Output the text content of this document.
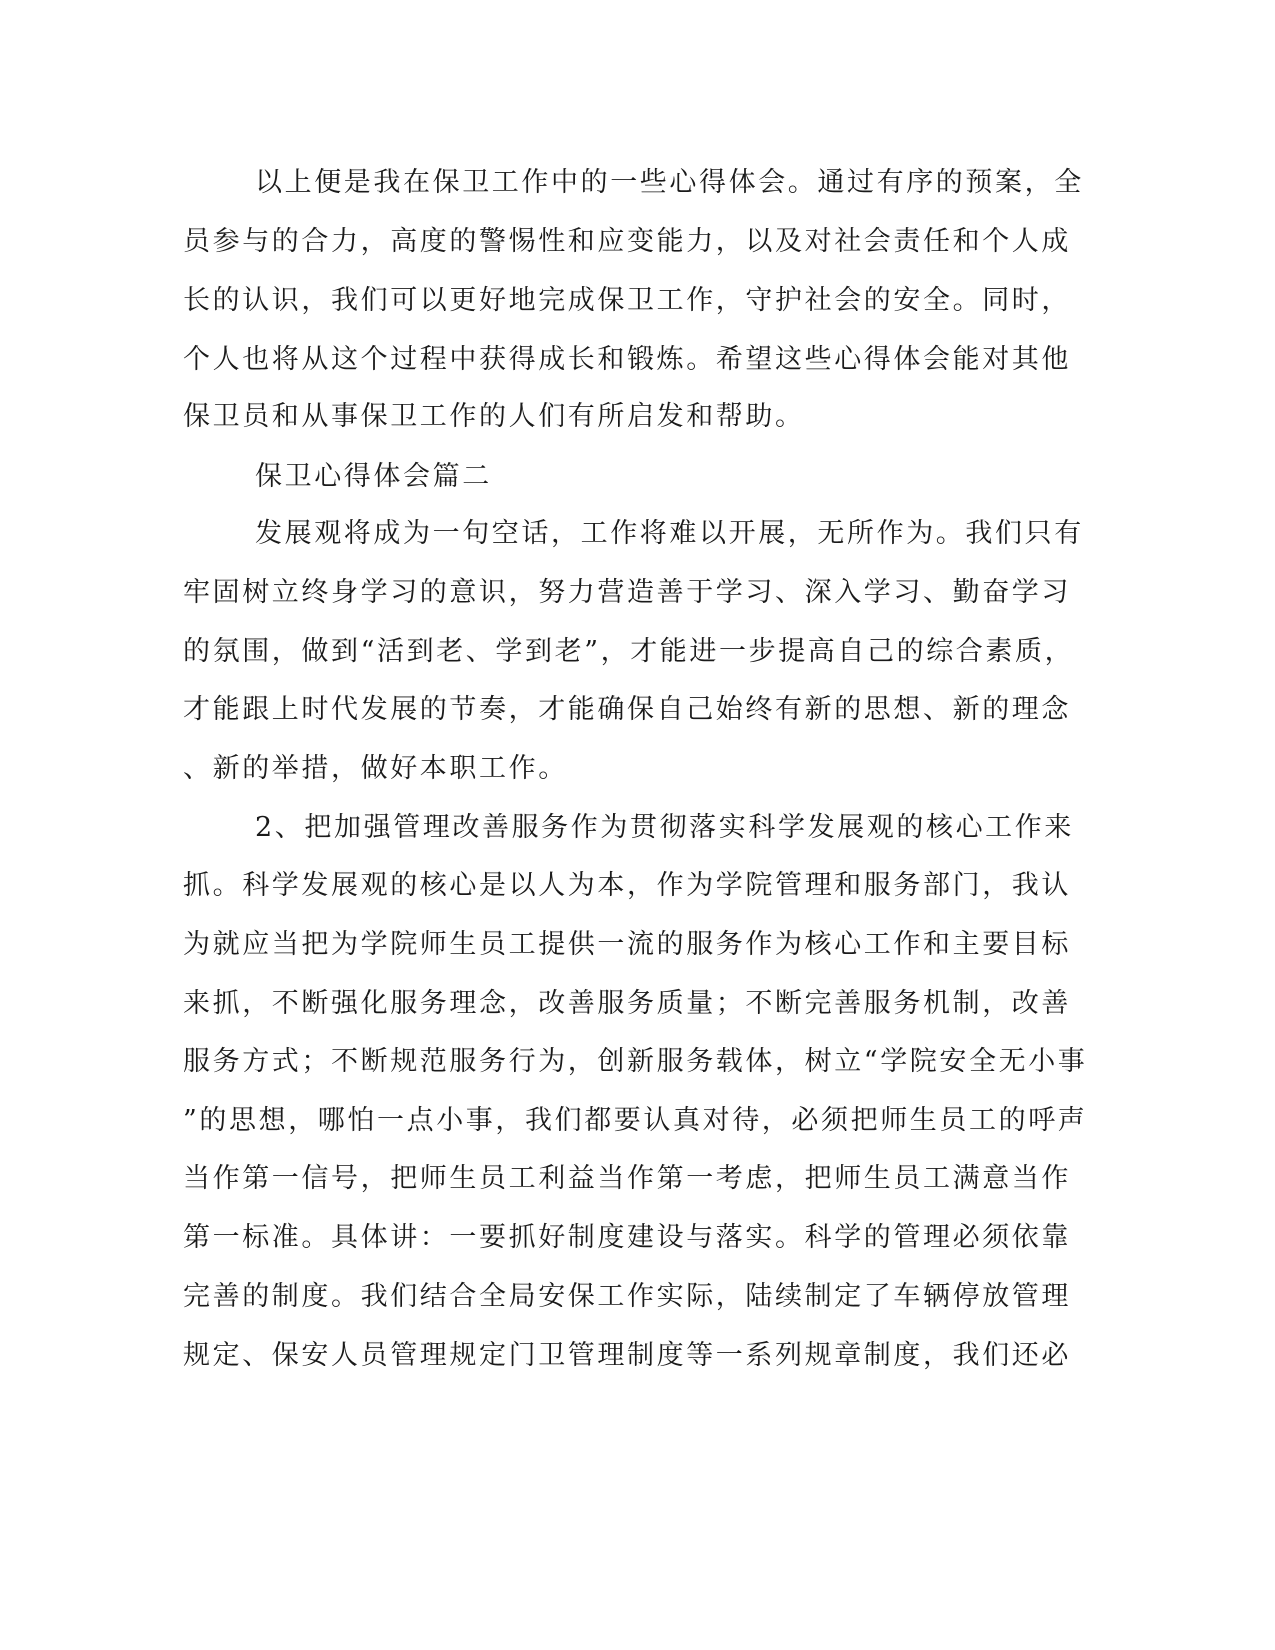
以上便是我在保卫工作中的一些心得体会。通过有序的预案，全
员参与的合力，高度的警惕性和应变能力，以及对社会责任和个人成
长的认识，我们可以更好地完成保卫工作，守护社会的安全。同时，
个人也将从这个过程中获得成长和锻炼。希望这些心得体会能对其他
保卫员和从事保卫工作的人们有所启发和帮助。
保卫心得体会篇二
发展观将成为一句空话，工作将难以开展，无所作为。我们只有
牢固树立终身学习的意识，努力营造善于学习、深入学习、勤奋学习
的氛围，做到“活到老、学到老”，才能进一步提高自己的综合素质，
才能跟上时代发展的节奏，才能确保自己始终有新的思想、新的理念
、新的举措，做好本职工作。
2、把加强管理改善服务作为贯彻落实科学发展观的核心工作来
抓。科学发展观的核心是以人为本，作为学院管理和服务部门，我认
为就应当把为学院师生员工提供一流的服务作为核心工作和主要目标
来抓，不断强化服务理念，改善服务质量；不断完善服务机制，改善
服务方式；不断规范服务行为，创新服务载体，树立“学院安全无小事
”的思想，哪怕一点小事，我们都要认真对待，必须把师生员工的呼声
当作第一信号，把师生员工利益当作第一考虑，把师生员工满意当作
第一标准。具体讲：一要抓好制度建设与落实。科学的管理必须依靠
完善的制度。我们结合全局安保工作实际，陆续制定了车辆停放管理
规定、保安人员管理规定门卫管理制度等一系列规章制度，我们还必
